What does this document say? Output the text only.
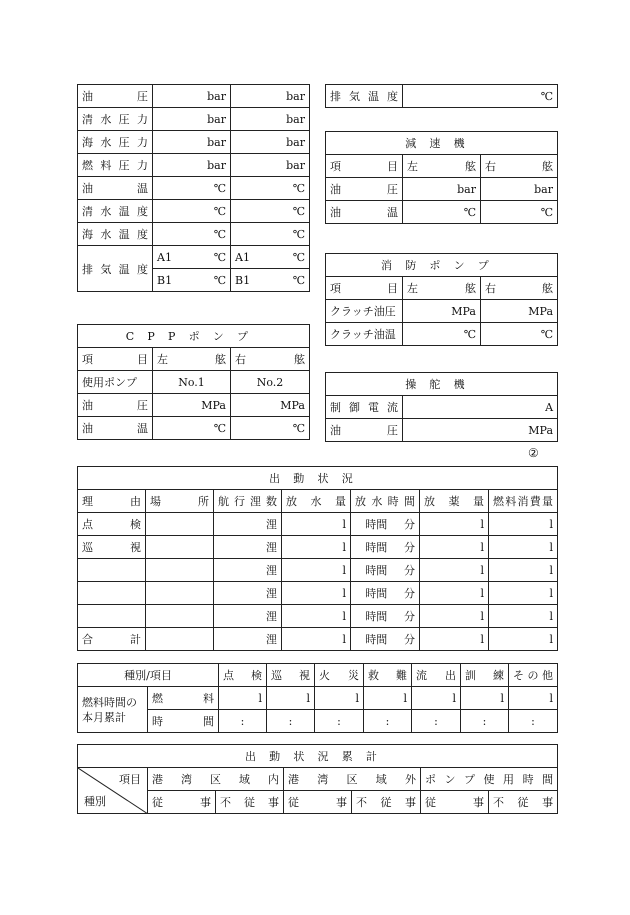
油圧	bar	bar
清水圧力	bar	bar
海水圧力	bar	bar
燃料圧力	bar	bar
油温	℃	℃
清水温度	℃	℃
海水温度	℃	℃
排気温度	A1 ℃	A1 ℃

	B1 ℃	B1 ℃
排気温度	℃
減速機		
項目	左舷	右舷
油圧	bar	bar
油温	℃	℃
消防ポンプ		
項目	左舷	右舷
クラッチ油圧	MPa	MPa
クラッチ油温	℃	℃
CPPポンプ		
項目	左舷	右舷
使用ポンプ	No.1	No.2
油圧	MPa	MPa
油温	℃	℃
操舵機	
制御電流	A
油圧	MPa
②
出動状況						
理由	場所	航行浬数	放水量	放水時間	放薬量	燃料消費量
点検		浬	l	時間 分	l	l
巡視		浬	l	時間 分	l	l
		浬	l	時間 分	l	l
		浬	l	時間 分	l	l
		浬	l	時間 分	l	l
合計		浬	l	時間 分	l	l
種別/項目		点検	巡視	火災	救難	流出	訓練	その他
燃料時間の本月累計	燃料	l	l	l	l	l	l	l
	時間	:	:	:	:	:	:	:
出動状況累計						

項目
種別	港湾区域内		港湾区域外		ポンプ使用時間	
	従事	不従事	従事	不従事	従事	不従事
